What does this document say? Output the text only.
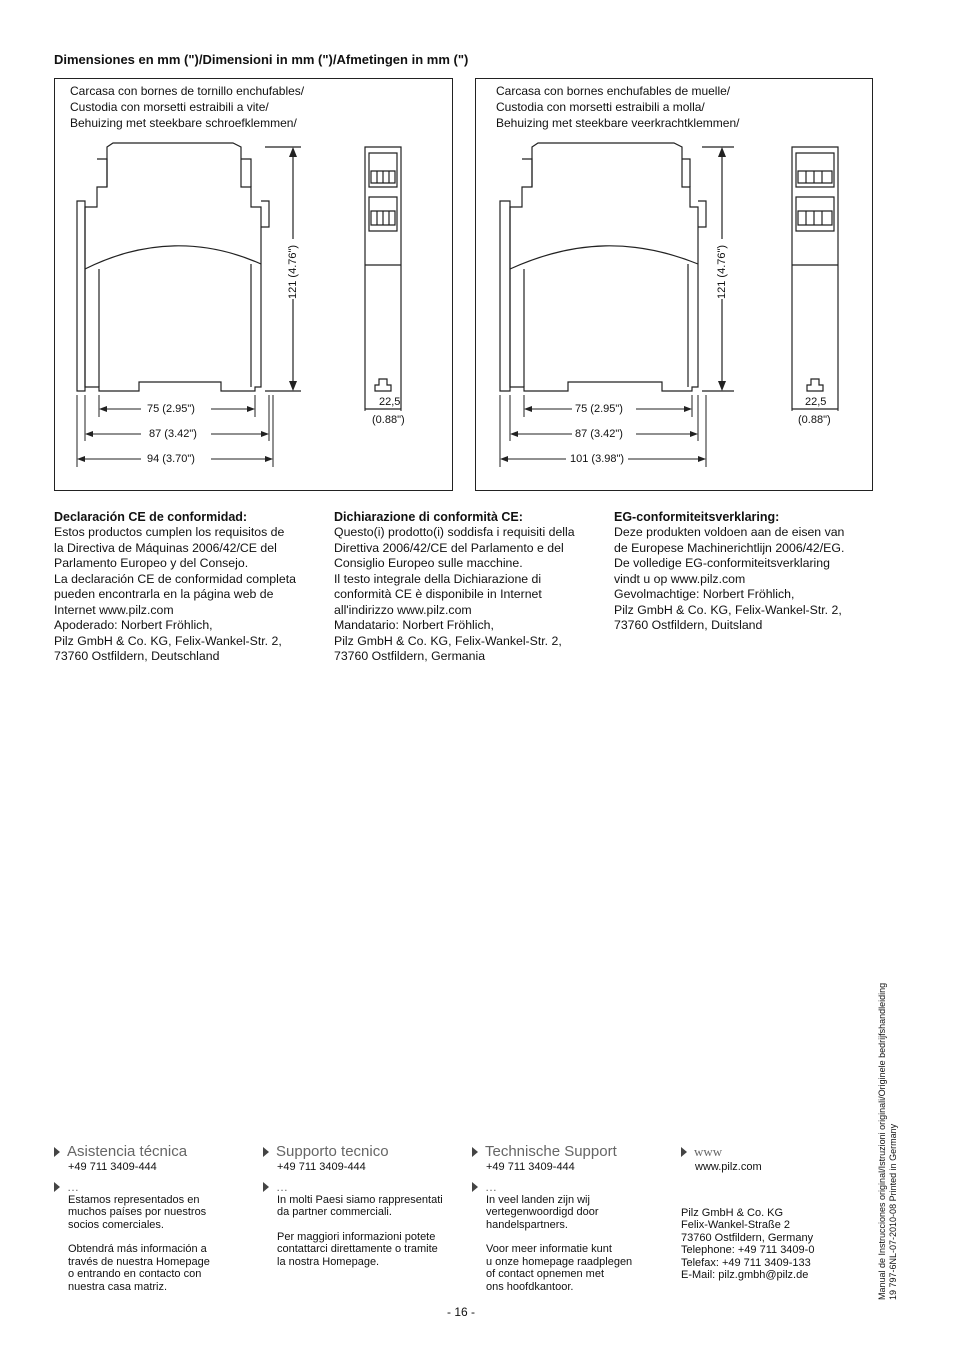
Dimensiones en mm (")/Dimensioni in mm (")/Afmetingen in mm (")
Carcasa con bornes de tornillo enchufables/
Custodia con morsetti estraibili a vite/
Behuizing met steekbare schroefklemmen/
75 (2.95")
87 (3.42")
94 (3.70")
22,5
(0.88")
121 (4.76")
Carcasa con bornes enchufables de muelle/
Custodia con morsetti estraibili a molla/
Behuizing met steekbare veerkrachtklemmen/
75 (2.95")
87 (3.42")
101 (3.98")
22,5
(0.88")
121 (4.76")
Declaración CE de conformidad:

Estos productos cumplen los requisitos de

la Directiva de Máquinas 2006/42/CE del

Parlamento Europeo y del Consejo.

La declaración CE de conformidad completa

pueden encontrarla en la página web de

Internet www.pilz.com

Apoderado: Norbert Fröhlich,

Pilz GmbH & Co. KG, Felix-Wankel-Str. 2,

73760 Ostfildern, Deutschland

Dichiarazione di conformità CE:

Questo(i) prodotto(i) soddisfa i requisiti della

Direttiva 2006/42/CE del Parlamento e del

Consiglio Europeo sulle macchine.

Il testo integrale della Dichiarazione di

conformità CE è disponibile in Internet

all'indirizzo www.pilz.com

Mandatario: Norbert Fröhlich,

Pilz GmbH & Co. KG, Felix-Wankel-Str. 2,

73760 Ostfildern, Germania

EG-conformiteitsverklaring:

Deze produkten voldoen aan de eisen van

de Europese Machinerichtlijn 2006/42/EG.

De volledige EG-conformiteitsverklaring

vindt u op www.pilz.com

Gevolmachtige: Norbert Fröhlich,

Pilz GmbH & Co. KG, Felix-Wankel-Str. 2,

73760 Ostfildern, Duitsland

Asistencia técnica
+49 711 3409-444
…
Estamos representados en
muchos países por nuestros
socios comerciales.
Obtendrá más información a
través de nuestra Homepage
o entrando en contacto con
nuestra casa matriz.
Supporto tecnico
+49 711 3409-444
…
In molti Paesi siamo rappresentati
da partner commerciali.
Per maggiori informazioni potete
contattarci direttamente o tramite
la nostra Homepage.
Technische Support
+49 711 3409-444
…
In veel landen zijn wij
vertegenwoordigd door
handelspartners.
Voor meer informatie kunt
u onze homepage raadplegen
of contact opnemen met
ons hoofdkantoor.
www
www.pilz.com
Pilz GmbH & Co. KG
Felix-Wankel-Straße 2
73760 Ostfildern, Germany
Telephone: +49 711 3409-0
Telefax: +49 711 3409-133
E-Mail: pilz.gmbh@pilz.de
- 16 -
Manual de Instrucciones original/Istruzioni originali/Originele bedrijfshandleiding 19 797-6NL-07-2010-08 Printed in Germany
